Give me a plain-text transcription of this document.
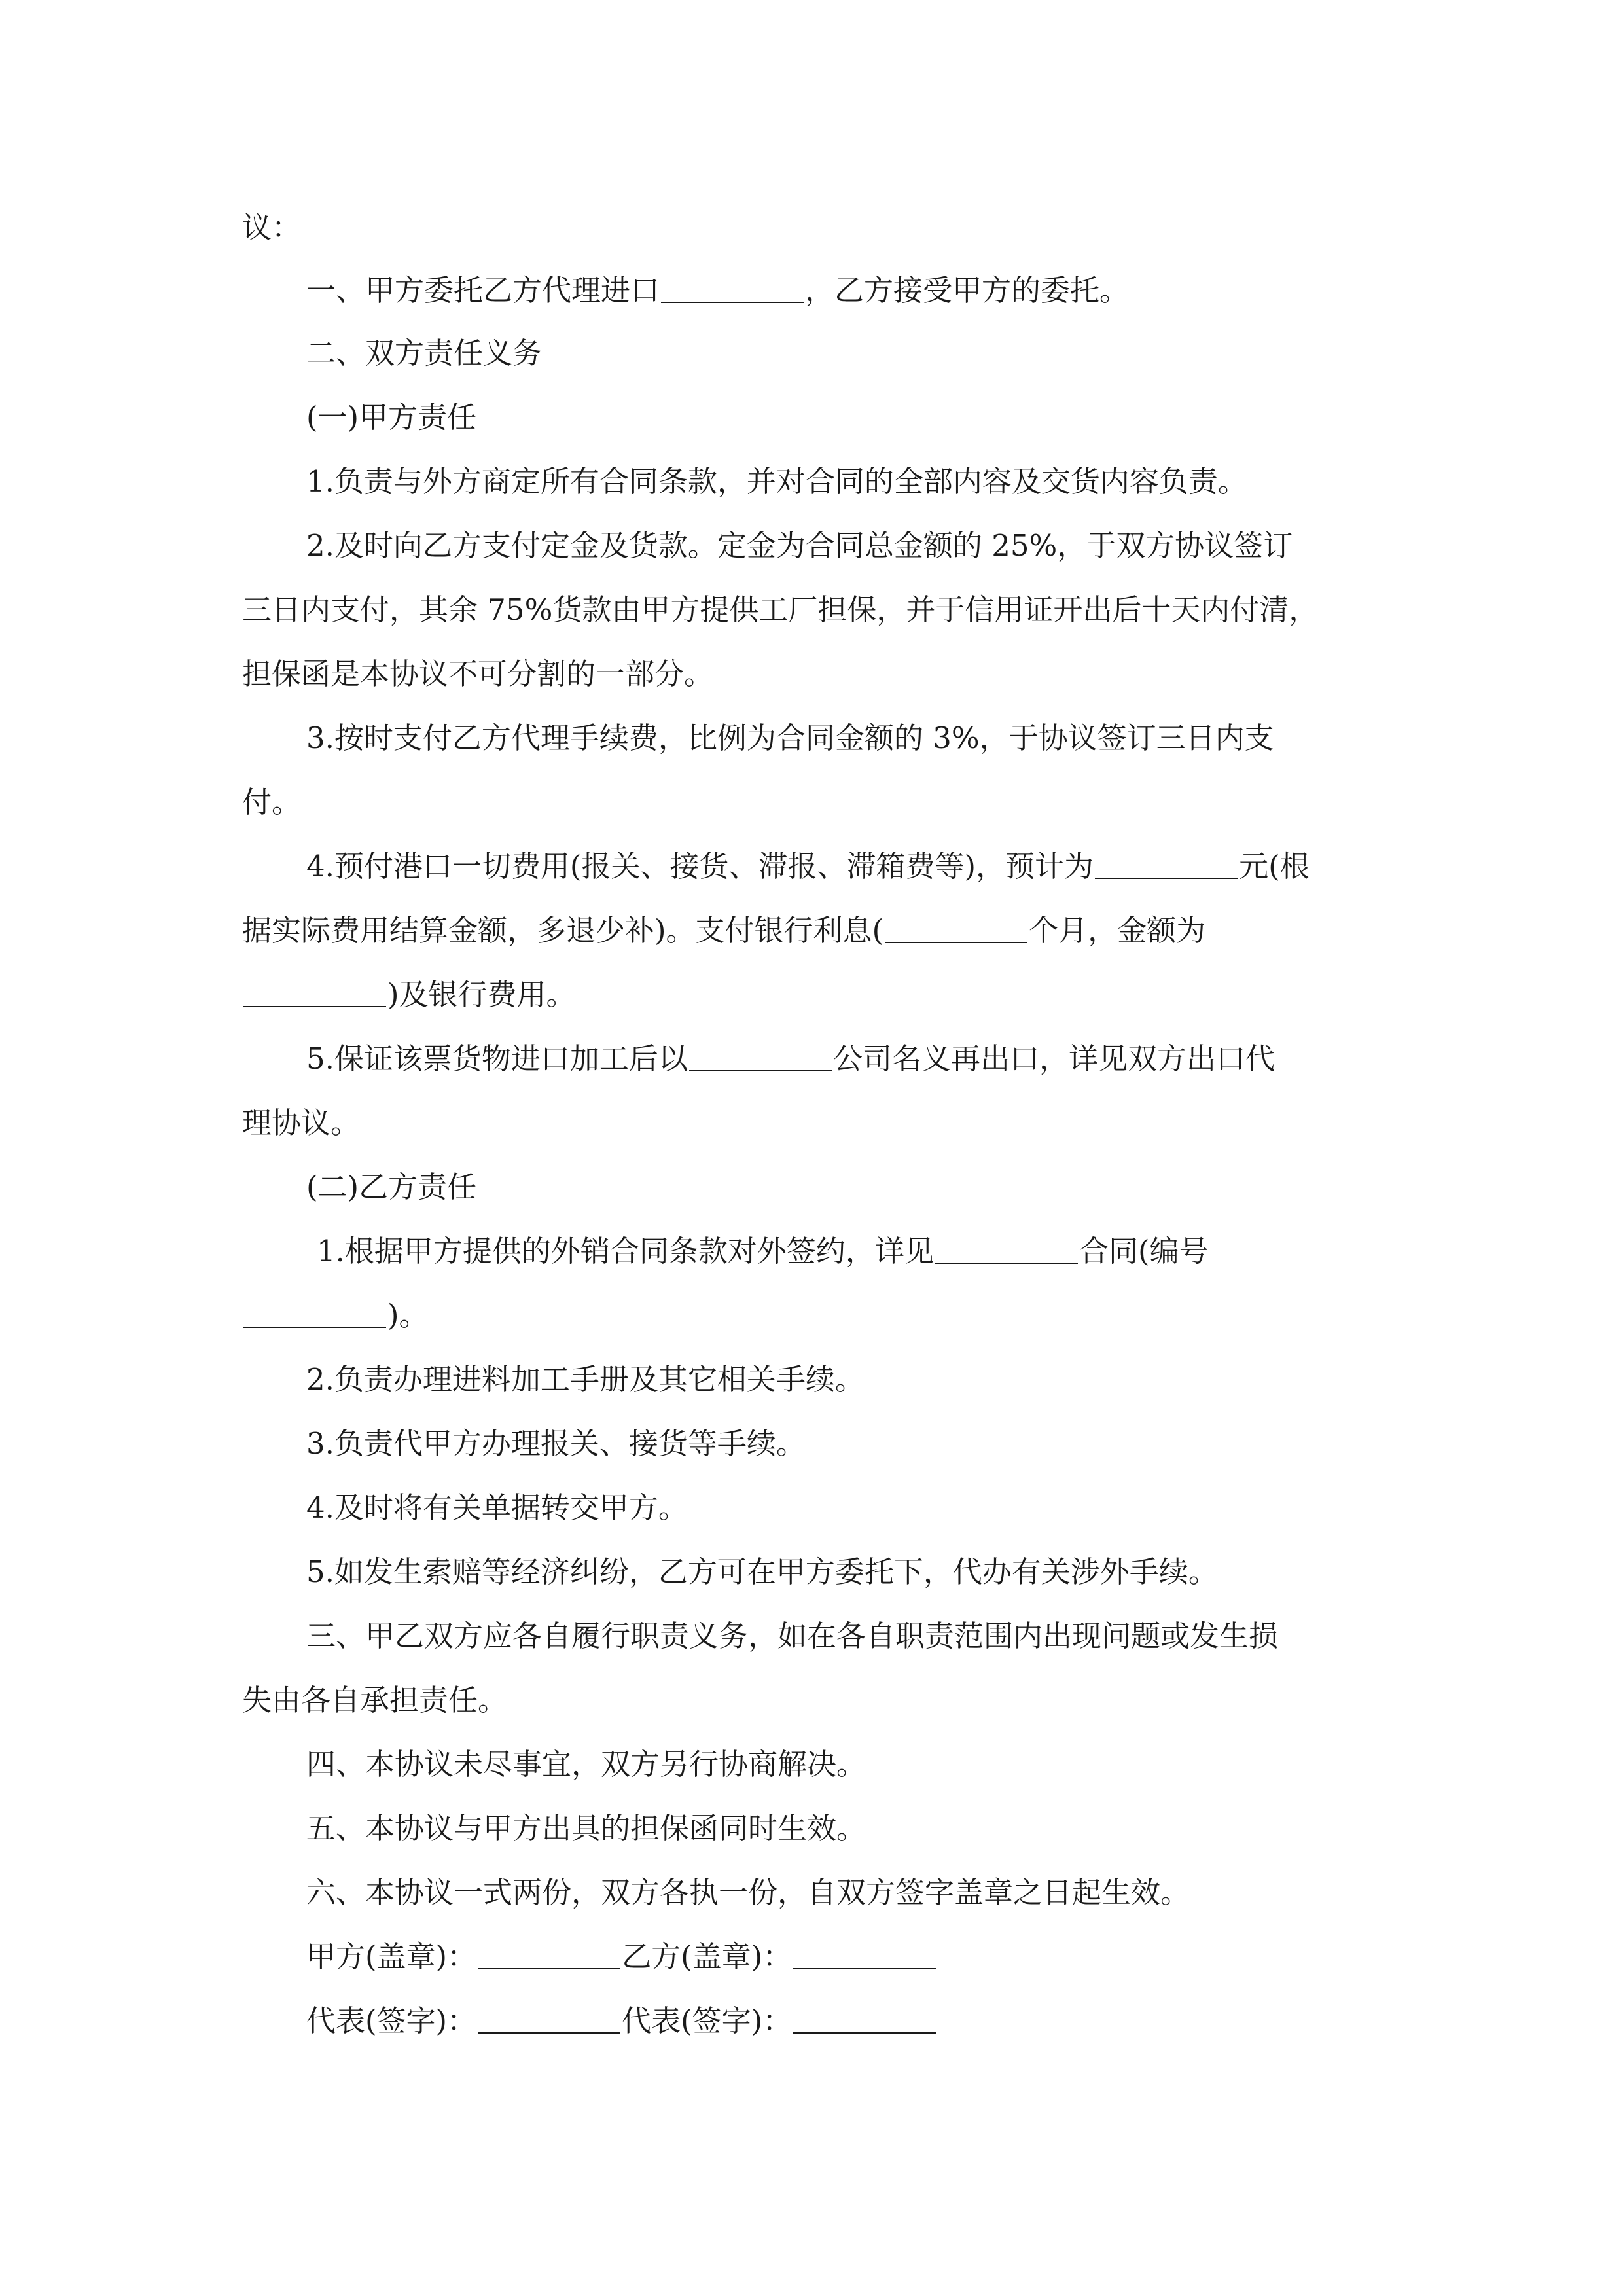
议：
一、甲方委托乙方代理进口	，乙方接受甲方的委托。
二、双方责任义务
(一)甲方责任
1.负责与外方商定所有合同条款，并对合同的全部内容及交货内容负责。
2.及时向乙方支付定金及货款。定金为合同总金额的 25%，于双方协议签订
三日内支付，其余 75%货款由甲方提供工厂担保，并于信用证开出后十天内付清，
担保函是本协议不可分割的一部分。
3.按时支付乙方代理手续费，比例为合同金额的 3%，于协议签订三日内支
付。
4.预付港口一切费用(报关、接货、滞报、滞箱费等)，预计为	元(根
据实际费用结算金额，多退少补)。支付银行利息(	个月，金额为
)及银行费用。
5.保证该票货物进口加工后以	公司名义再出口，详见双方出口代
理协议。
(二)乙方责任
1.根据甲方提供的外销合同条款对外签约，详见	合同(编号
)。
2.负责办理进料加工手册及其它相关手续。
3.负责代甲方办理报关、接货等手续。
4.及时将有关单据转交甲方。
5.如发生索赔等经济纠纷，乙方可在甲方委托下，代办有关涉外手续。
三、甲乙双方应各自履行职责义务，如在各自职责范围内出现问题或发生损
失由各自承担责任。
四、本协议未尽事宜，双方另行协商解决。
五、本协议与甲方出具的担保函同时生效。
六、本协议一式两份，双方各执一份，自双方签字盖章之日起生效。
甲方(盖章)：	乙方(盖章)：
代表(签字)：	代表(签字)：
